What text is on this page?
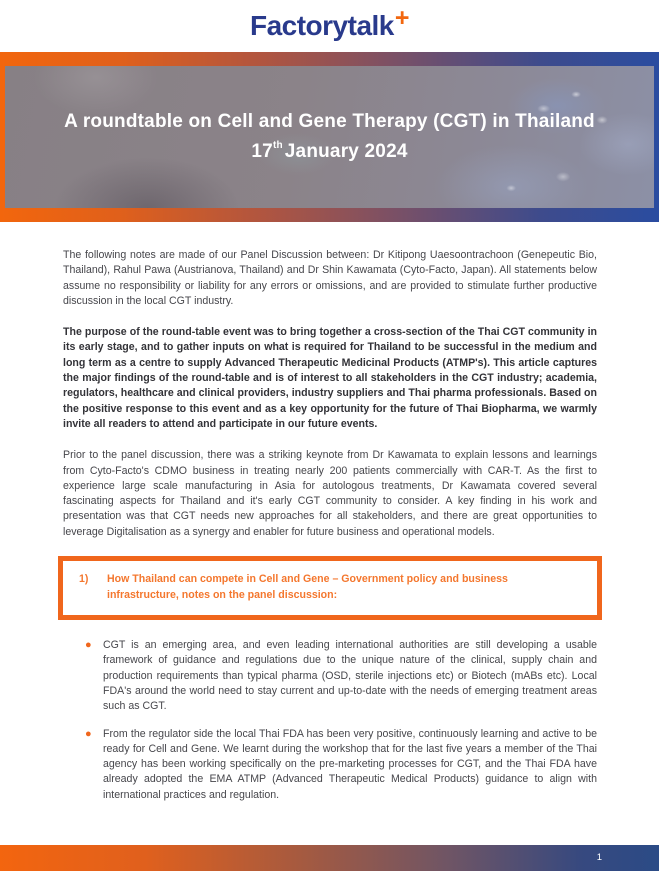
Factorytalk +
A roundtable on Cell and Gene Therapy (CGT) in Thailand
17th January 2024

The following notes are made of our Panel Discussion between: Dr Kitipong Uaesoontrachoon (Genepeutic Bio, Thailand), Rahul Pawa (Austrianova, Thailand) and Dr Shin Kawamata (Cyto-Facto, Japan). All statements below assume no responsibility or liability for any errors or omissions, and are provided to stimulate further productive discussion in the local CGT industry.

The purpose of the round-table event was to bring together a cross-section of the Thai CGT community in its early stage, and to gather inputs on what is required for Thailand to be successful in the medium and long term as a centre to supply Advanced Therapeutic Medicinal Products (ATMP's). This article captures the major findings of the round-table and is of interest to all stakeholders in the CGT industry; academia, regulators, healthcare and clinical providers, industry suppliers and Thai pharma professionals. Based on the positive response to this event and as a key opportunity for the future of Thai Biopharma, we warmly invite all readers to attend and participate in our future events.

Prior to the panel discussion, there was a striking keynote from Dr Kawamata to explain lessons and learnings from Cyto-Facto's CDMO business in treating nearly 200 patients commercially with CAR-T. As the first to experience large scale manufacturing in Asia for autologous treatments, Dr Kawamata covered several fascinating aspects for Thailand and it's early CGT community to consider. A key finding in his work and presentation was that CGT needs new approaches for all stakeholders, and there are great opportunities to leverage Digitalisation as a synergy and enabler for future business and operational models.

1)	How Thailand can compete in Cell and Gene – Government policy and business infrastructure, notes on the panel discussion:
● CGT is an emerging area, and even leading international authorities are still developing a usable framework of guidance and regulations due to the unique nature of the clinical, supply chain and production requirements than typical pharma (OSD, sterile injections etc) or Biotech (mABs etc). Local FDA's around the world need to stay current and up-to-date with the needs of emerging treatment areas such as CGT.
● From the regulator side the local Thai FDA has been very positive, continuously learning and active to be ready for Cell and Gene. We learnt during the workshop that for the last five years a member of the Thai agency has been working specifically on the pre-marketing processes for CGT, and the Thai FDA have already adopted the EMA ATMP (Advanced Therapeutic Medical Products) guidance to align with international practices and regulation.
1
